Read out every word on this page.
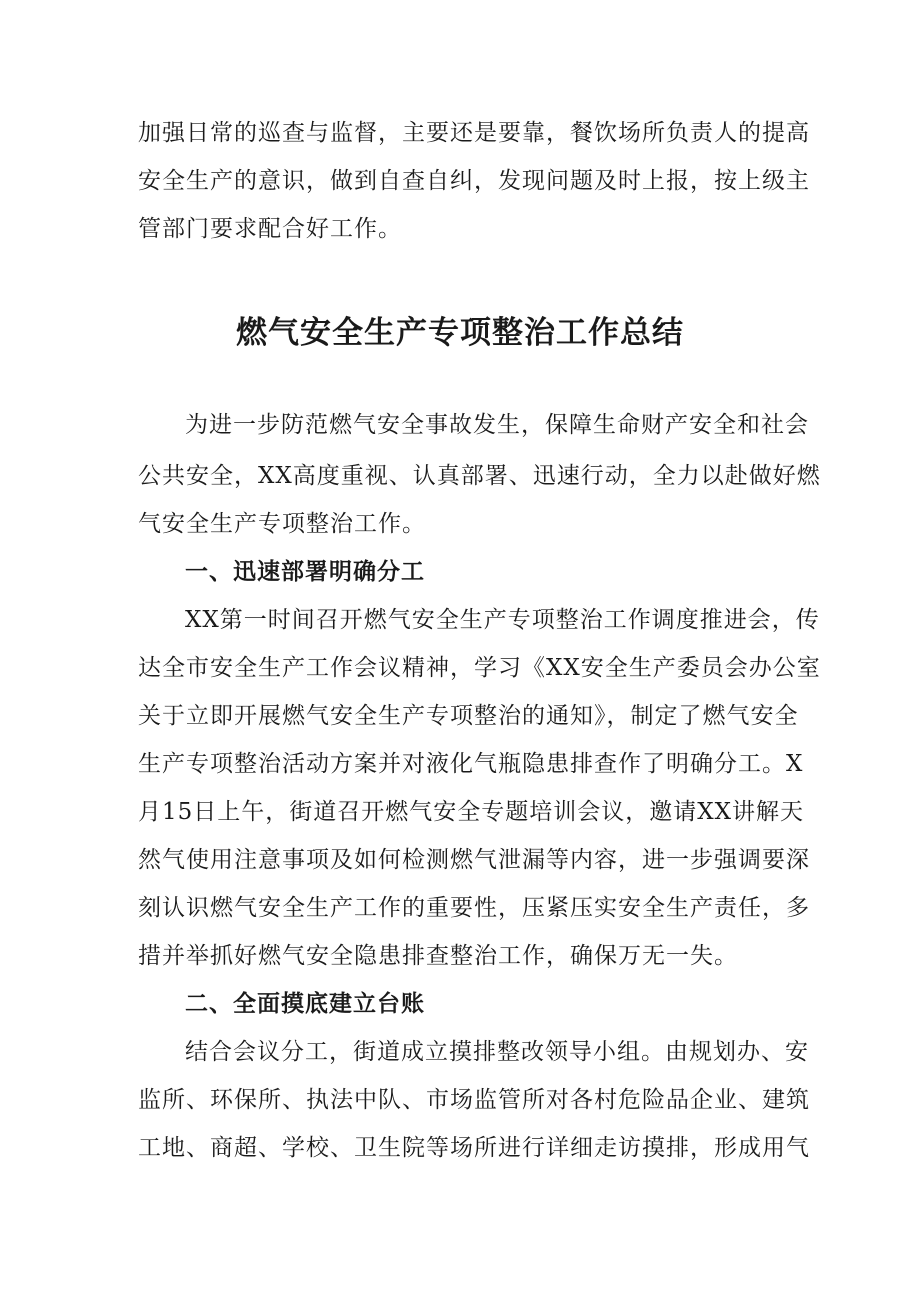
加强日常的巡查与监督，主要还是要靠，餐饮场所负责人的提高
安全生产的意识，做到自查自纠，发现问题及时上报，按上级主
管部门要求配合好工作。
燃气安全生产专项整治工作总结
为进一步防范燃气安全事故发生，保障生命财产安全和社会
公共安全，XX高度重视、认真部署、迅速行动，全力以赴做好燃
气安全生产专项整治工作。
一、迅速部署明确分工
XX第一时间召开燃气安全生产专项整治工作调度推进会，传
达全市安全生产工作会议精神，学习《XX安全生产委员会办公室
关于立即开展燃气安全生产专项整治的通知》，制定了燃气安全
生产专项整治活动方案并对液化气瓶隐患排查作了明确分工。X
月15日上午，街道召开燃气安全专题培训会议，邀请XX讲解天
然气使用注意事项及如何检测燃气泄漏等内容，进一步强调要深
刻认识燃气安全生产工作的重要性，压紧压实安全生产责任，多
措并举抓好燃气安全隐患排查整治工作，确保万无一失。
二、全面摸底建立台账
结合会议分工，街道成立摸排整改领导小组。由规划办、安
监所、环保所、执法中队、市场监管所对各村危险品企业、建筑
工地、商超、学校、卫生院等场所进行详细走访摸排，形成用气
